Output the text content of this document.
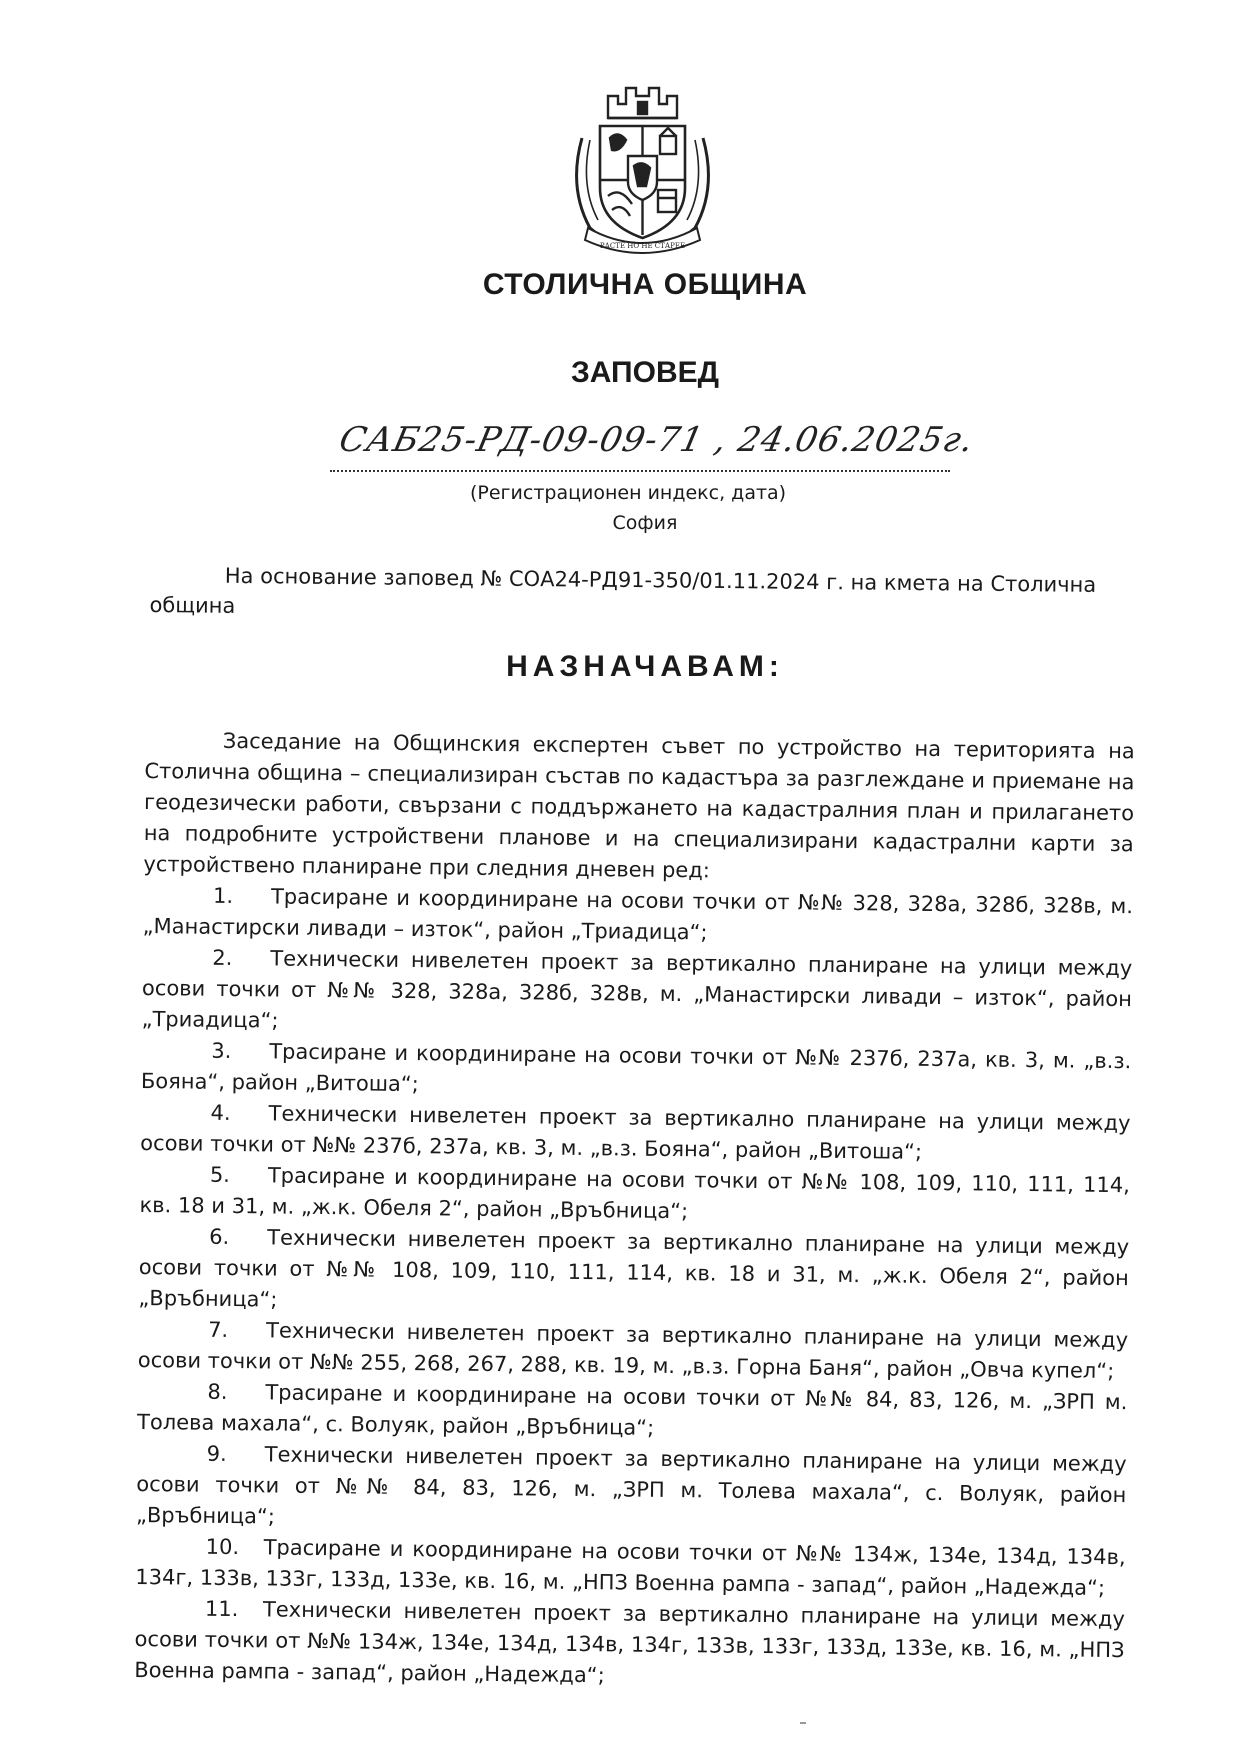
РАСТЕ НО НЕ СТАРЕЕ
СТОЛИЧНА ОБЩИНА
ЗАПОВЕД
САБ25-РД-09-09-71 , 24.06.2025г.
(Регистрационен индекс, дата)
София
На основание заповед № СОА24-РД91-350/01.11.2024 г. на кмета на Столична
община
НАЗНАЧАВАМ:

Заседание на Общинския експертен съвет по устройство на територията на Столична община – специализиран състав по кадастъра за разглеждане и приемане на геодезически работи, свързани с поддържането на кадастралния план и прилагането на подробните устройствени планове и на специализирани кадастрални карти за устройствено планиране при следния дневен ред:

1. Трасиране и координиране на осови точки от №№ 328, 328а, 328б, 328в, м. „Манастирски ливади – изток“, район „Триадица“;

2. Технически нивелетен проект за вертикално планиране на улици между осови точки от №№ 328, 328а, 328б, 328в, м. „Манастирски ливади – изток“, район „Триадица“;

3. Трасиране и координиране на осови точки от №№ 237б, 237а, кв. 3, м. „в.з. Бояна“, район „Витоша“;

4. Технически нивелетен проект за вертикално планиране на улици между осови точки от №№ 237б, 237а, кв. 3, м. „в.з. Бояна“, район „Витоша“;

5. Трасиране и координиране на осови точки от №№ 108, 109, 110, 111, 114, кв. 18 и 31, м. „ж.к. Обеля 2“, район „Връбница“;

6. Технически нивелетен проект за вертикално планиране на улици между осови точки от №№ 108, 109, 110, 111, 114, кв. 18 и 31, м. „ж.к. Обеля 2“, район „Връбница“;

7. Технически нивелетен проект за вертикално планиране на улици между осови точки от №№ 255, 268, 267, 288, кв. 19, м. „в.з. Горна Баня“, район „Овча купел“;

8. Трасиране и координиране на осови точки от №№ 84, 83, 126, м. „ЗРП м. Толева махала“, с. Волуяк, район „Връбница“;

9. Технически нивелетен проект за вертикално планиране на улици между осови точки от №№ 84, 83, 126, м. „ЗРП м. Толева махала“, с. Волуяк, район „Връбница“;

10. Трасиране и координиране на осови точки от №№ 134ж, 134е, 134д, 134в, 134г, 133в, 133г, 133д, 133е, кв. 16, м. „НПЗ Военна рампа - запад“, район „Надежда“;

11. Технически нивелетен проект за вертикално планиране на улици между осови точки от №№ 134ж, 134е, 134д, 134в, 134г, 133в, 133г, 133д, 133е, кв. 16, м. „НПЗ Военна рампа - запад“, район „Надежда“;
